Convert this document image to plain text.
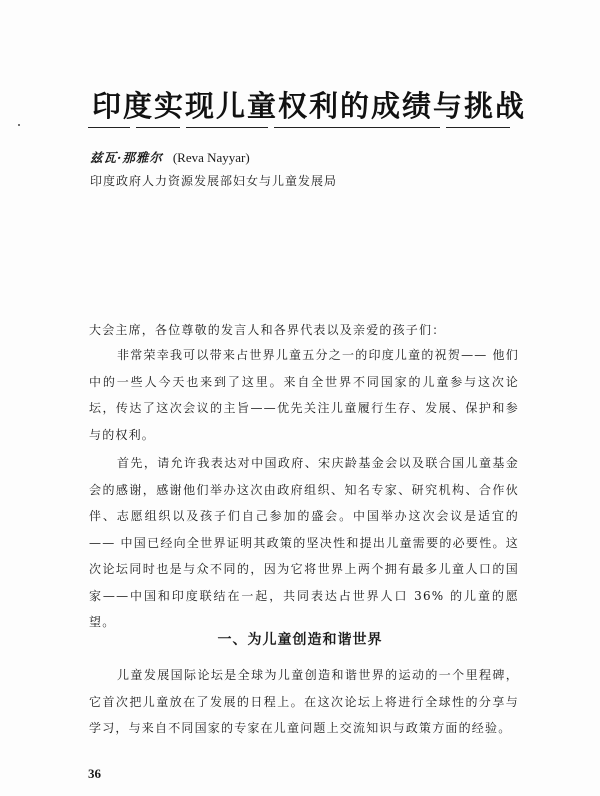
印度实现儿童权利的成绩与挑战
兹瓦·那雅尔 (Reva Nayyar)
印度政府人力资源发展部妇女与儿童发展局
大会主席，各位尊敬的发言人和各界代表以及亲爱的孩子们：
非常荣幸我可以带来占世界儿童五分之一的印度儿童的祝贺—— 他们中的一些人今天也来到了这里。来自全世界不同国家的儿童参与这次论坛，传达了这次会议的主旨——优先关注儿童履行生存、发展、保护和参与的权利。
首先，请允许我表达对中国政府、宋庆龄基金会以及联合国儿童基金会的感谢，感谢他们举办这次由政府组织、知名专家、研究机构、合作伙伴、志愿组织以及孩子们自己参加的盛会。中国举办这次会议是适宜的 —— 中国已经向全世界证明其政策的坚决性和提出儿童需要的必要性。这次论坛同时也是与众不同的，因为它将世界上两个拥有最多儿童人口的国家——中国和印度联结在一起，共同表达占世界人口 36% 的儿童的愿望。
一、为儿童创造和谐世界
儿童发展国际论坛是全球为儿童创造和谐世界的运动的一个里程碑，它首次把儿童放在了发展的日程上。在这次论坛上将进行全球性的分享与学习，与来自不同国家的专家在儿童问题上交流知识与政策方面的经验。
36
